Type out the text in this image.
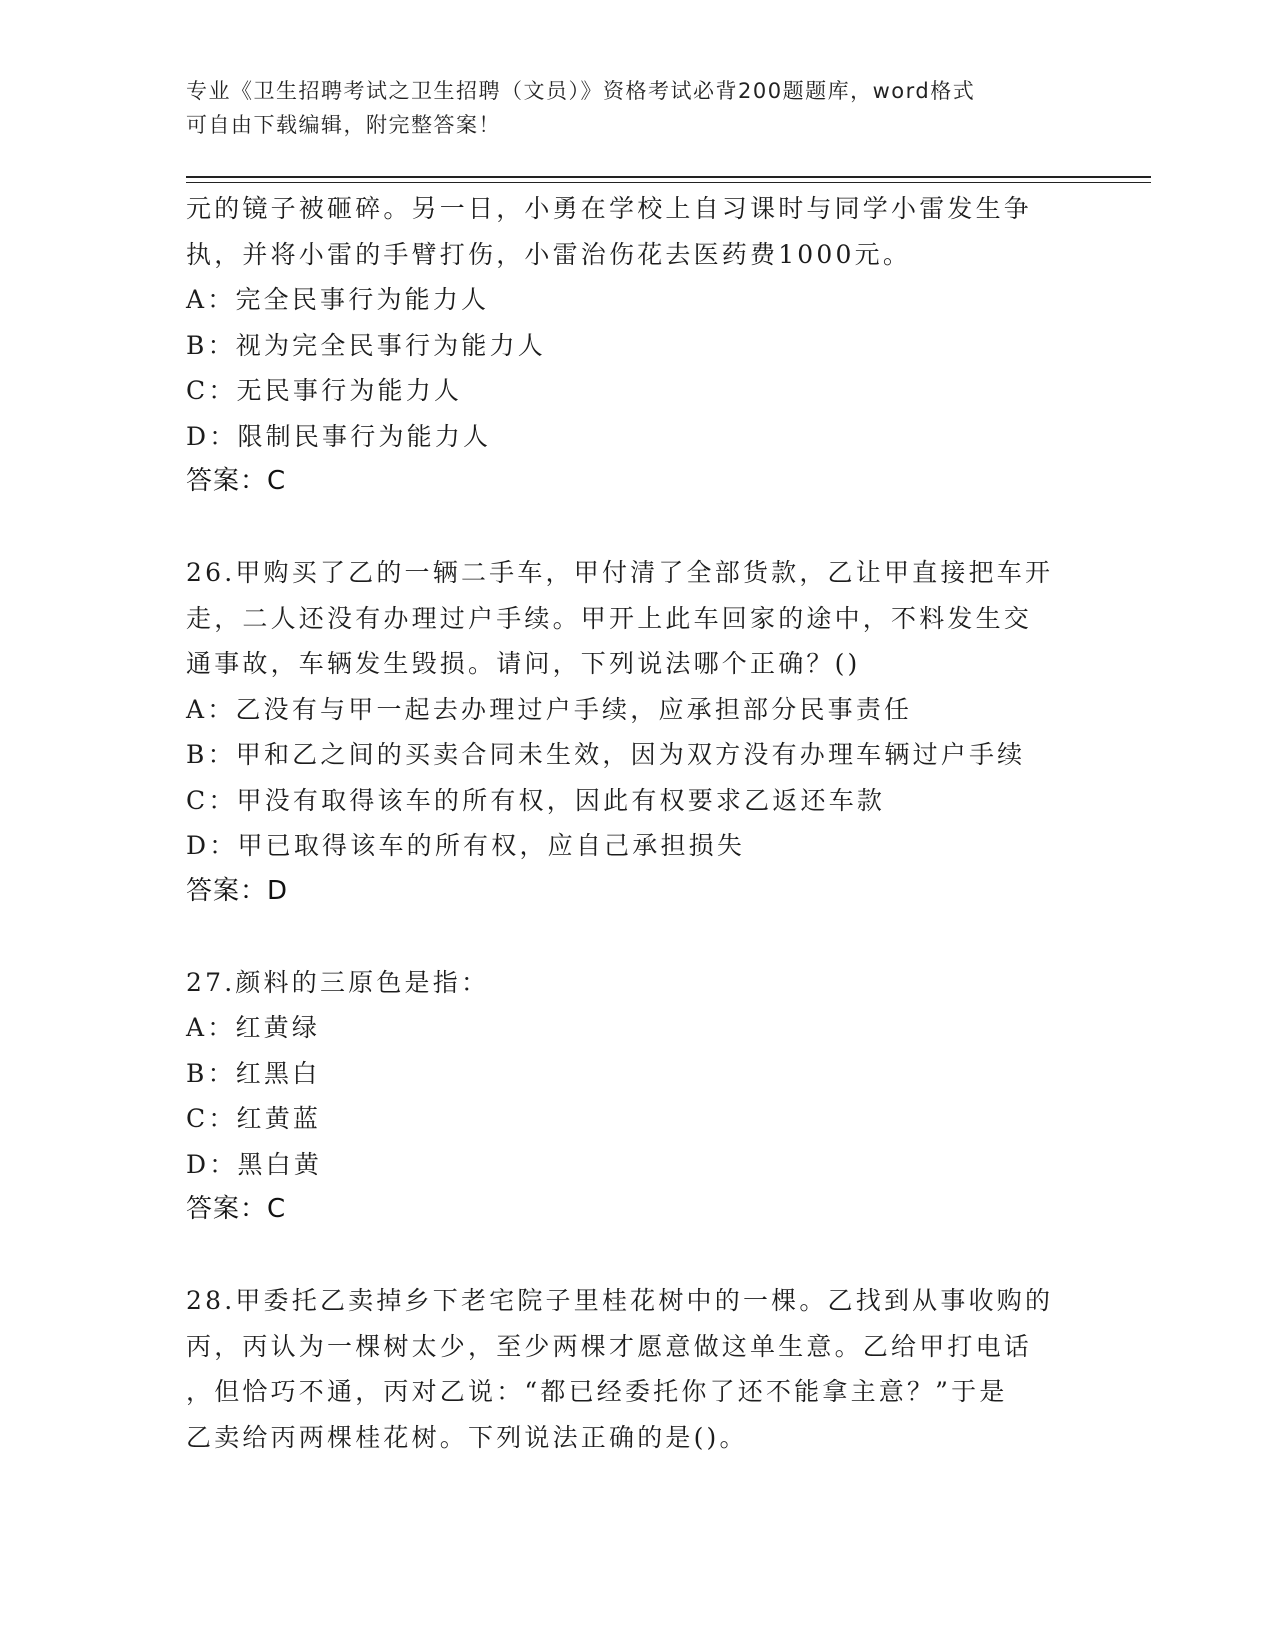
专业《卫生招聘考试之卫生招聘（文员）》资格考试必背200题题库，word格式
可自由下载编辑，附完整答案！
元的镜子被砸碎。另一日，小勇在学校上自习课时与同学小雷发生争
执，并将小雷的手臂打伤，小雷治伤花去医药费1000元。
A：完全民事行为能力人
B：视为完全民事行为能力人
C：无民事行为能力人
D：限制民事行为能力人
答案：C
26.甲购买了乙的一辆二手车，甲付清了全部货款，乙让甲直接把车开
走，二人还没有办理过户手续。甲开上此车回家的途中，不料发生交
通事故，车辆发生毁损。请问，下列说法哪个正确？()
A：乙没有与甲一起去办理过户手续，应承担部分民事责任
B：甲和乙之间的买卖合同未生效，因为双方没有办理车辆过户手续
C：甲没有取得该车的所有权，因此有权要求乙返还车款
D：甲已取得该车的所有权，应自己承担损失
答案：D
27.颜料的三原色是指：
A：红黄绿
B：红黑白
C：红黄蓝
D：黑白黄
答案：C
28.甲委托乙卖掉乡下老宅院子里桂花树中的一棵。乙找到从事收购的
丙，丙认为一棵树太少，至少两棵才愿意做这单生意。乙给甲打电话
，但恰巧不通，丙对乙说：“都已经委托你了还不能拿主意？”于是
乙卖给丙两棵桂花树。下列说法正确的是()。
